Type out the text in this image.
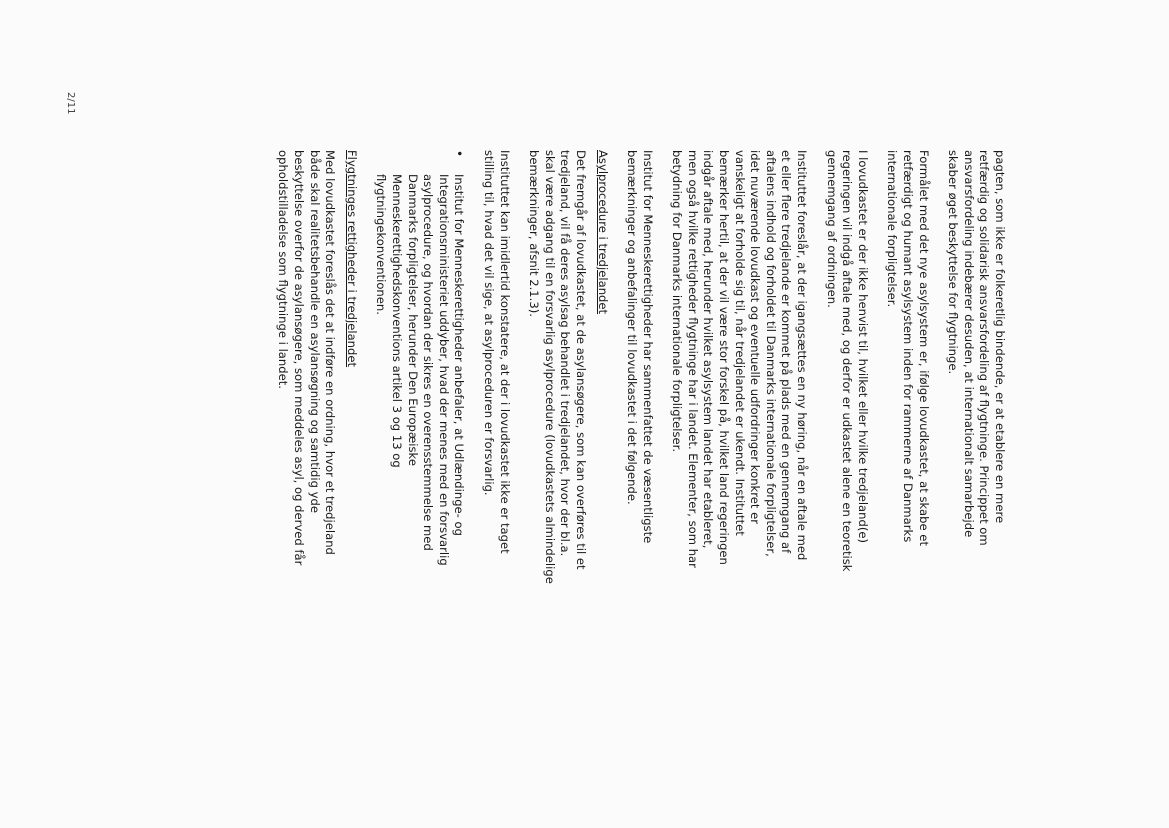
pagten, som ikke er folkeretlig bindende, er at etablere en mere
retfærdig og solidarisk ansvarsfordeling af flygtninge. Princippet om
ansvarsfordeling indebærer desuden, at internationalt samarbejde
skaber øget beskyttelse for flygtninge.

Formålet med det nye asylsystem er, ifølge lovudkastet, at skabe et
retfærdigt og humant asylsystem inden for rammerne af Danmarks
internationale forpligtelser.

I lovudkastet er der ikke henvist til, hvilket eller hvilke tredjeland(e)
regeringen vil indgå aftale med, og derfor er udkastet alene en teoretisk
gennemgang af ordningen.

Instituttet foreslår, at der igangsættes en ny høring, når en aftale med
et eller flere tredjelande er kommet på plads med en gennemgang af
aftalens indhold og forholdet til Danmarks internationale forpligtelser,
idet nuværende lovudkast og eventuelle udfordringer konkret er
vanskeligt at forholde sig til, når tredjelandet er ukendt. Instituttet
bemærker hertil, at der vil være stor forskel på, hvilket land regeringen
indgår aftale med, herunder hvilket asylsystem landet har etableret,
men også hvilke rettigheder flygtninge har i landet. Elementer, som har
betydning for Danmarks internationale forpligtelser.

Institut for Menneskerettigheder har sammenfattet de væsentligste
bemærkninger og anbefalinger til lovudkastet i det følgende.

Asylprocedure i tredjelandet

Det fremgår af lovudkastet, at de asylansøgere, som kan overføres til et
tredjeland, vil få deres asylsag behandlet i tredjelandet, hvor der bl.a.
skal være adgang til en forsvarlig asylprocedure (lovudkastets almindelige
bemærkninger, afsnit 2.1.3).

Instituttet kan imidlertid konstatere, at der i lovudkastet ikke er taget
stilling til, hvad det vil sige, at asylproceduren er forsvarlig.

•
Institut for Menneskerettigheder anbefaler, at Udlændinge- og
Integrationsministeriet uddyber, hvad der menes med en forsvarlig
asylprocedure, og hvordan der sikres en overensstemmelse med
Danmarks forpligtelser, herunder Den Europæiske
Menneskerettighedskonventions artikel 3 og 13 og
flygtningekonventionen.

Flygtninges rettigheder i tredjelandet

Med lovudkastet foreslås det at indføre en ordning, hvor et tredjeland
både skal realitetsbehandle en asylansøgning og samtidig yde
beskyttelse overfor de asylansøgere, som meddeles asyl, og derved får
opholdstilladelse som flygtninge i landet.

2/11
